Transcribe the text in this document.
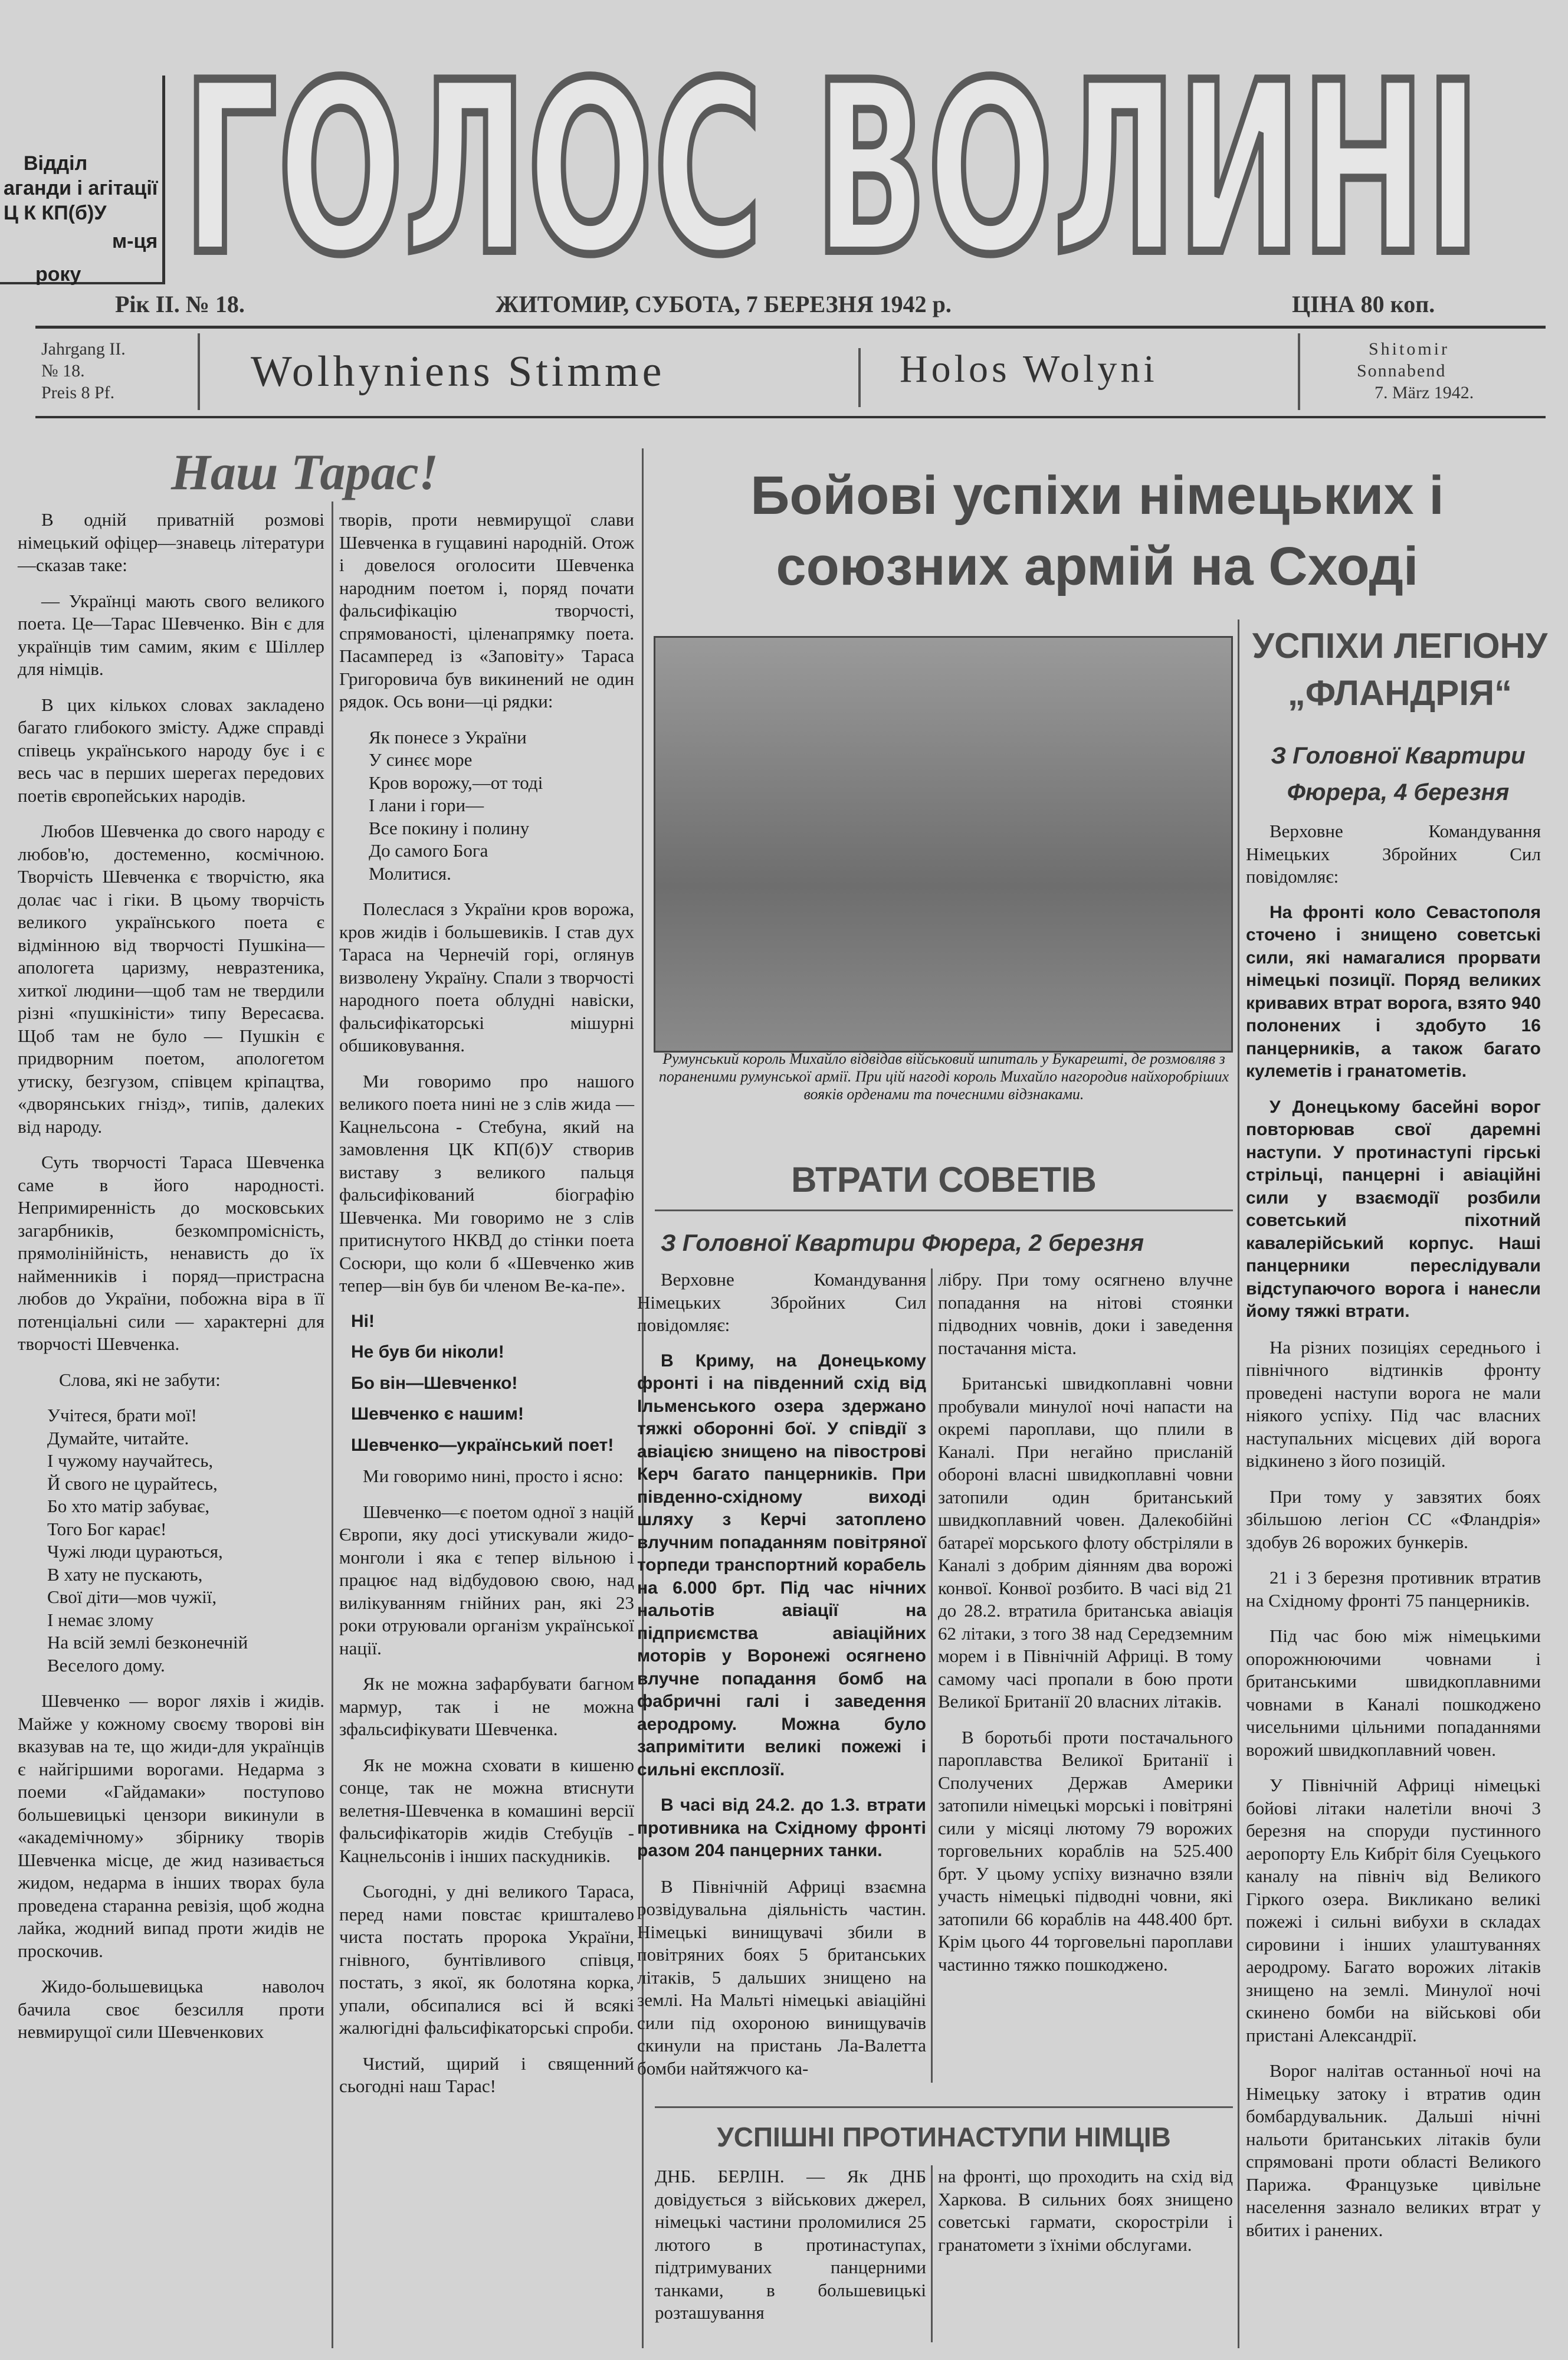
Відділ
аганди і агітації
Ц К КП(б)У
м-ця
року ГОЛОС ВОЛИНІ
Рік II. № 18.	ЖИТОМИР, СУБОТА, 7 БЕРЕЗНЯ 1942 р.	ЦІНА 80 коп.
Jahrgang II.
№ 18.
Preis 8 Pf.	Wolhyniens Stimme	Holos Wolyni	Shitomir
Sonnabend
7. März 1942.
Наш Тарас!

В одній приватній розмові німецький офіцер—знавець літератури—сказав таке:

— Українці мають свого великого поета. Це—Тарас Шевченко. Він є для українців тим самим, яким є Шіллер для німців.

В цих кількох словах закладено багато глибокого змісту. Адже справді співець українського народу бує і є весь час в перших шерегах передових поетів європейських народів.

Любов Шевченка до свого народу є любов'ю, достеменно, космічною. Творчість Шевченка є творчістю, яка долає час і гіки. В цьому творчість великого українського поета є відмінною від творчості Пушкіна—апологета царизму, невразтеника, хиткої людини—щоб там не твердили різні «пушкіністи» типу Вересаєва. Щоб там не було — Пушкін є придворним поетом, апологетом утиску, безгузом, співцем кріпацтва, «дворянських гнізд», типів, далеких від народу.

Суть творчості Тараса Шевченка саме в його народності. Непримиренність до московських загарбників, безкомпромісність, прямолінійність, ненависть до їх найменників і поряд—пристрасна любов до України, побожна віра в її потенціальні сили — характерні для творчості Шевченка.

Слова, які не забути:

Учітеся, брати мої!
Думайте, читайте.
І чужому научайтесь,
Й свого не цурайтесь,
Бо хто матір забуває,
Того Бог карає!
Чужі люди цураються,
В хату не пускають,
Свої діти—мов чужії,
І немає злому
На всій землі безконечній
Веселого дому.

Шевченко — ворог ляхів і жидів. Майже у кожному своєму творові він вказував на те, що жиди-для українців є найгіршими ворогами. Недарма з поеми «Гайдамаки» поступово большевицькі цензори викинули в «академічному» збірнику творів Шевченка місце, де жид називається жидом, недарма в інших творах була проведена старанна ревізія, щоб жодна лайка, жодний випад проти жидів не проскочив.

Жидо-большевицька наволоч бачила своє безсилля проти невмирущої сили Шевченкових

творів, проти невмирущої слави Шевченка в гущавині народній. Отож і довелося оголосити Шевченка народним поетом і, поряд почати фальсифікацію творчості, спрямованості, ціленапрямку поета. Пасамперед із «Заповіту» Тараса Григоровича був викинений не один рядок. Ось вони—ці рядки:

Як понесе з України
У синєє море
Кров ворожу,—от тоді
І лани і гори—
Все покину і полину
До самого Бога
Молитися.

Полеслася з України кров ворожа, кров жидів і большевиків. І став дух Тараса на Чернечій горі, оглянув визволену Україну. Спали з творчості народного поета облудні навіски, фальсифікаторські мішурні обшиковування.

Ми говоримо про нашого великого поета нині не з слів жида — Кацнельсона - Стебуна, який на замовлення ЦК КП(б)У створив виставу з великого пальця фальсифікований біографію Шевченка. Ми говоримо не з слів притиснутого НКВД до стінки поета Сосюри, що коли б «Шевченко жив тепер—він був би членом Ве-ка-пе».

Ні!
Не був би ніколи!
Бо він—Шевченко!
Шевченко є нашим!
Шевченко—український поет!

Ми говоримо нині, просто і ясно:

Шевченко—є поетом одної з націй Європи, яку досі утискували жидо-монголи і яка є тепер вільною і працює над відбудовою свою, над вилікуванням гнійних ран, які 23 роки отруювали організм української нації.

Як не можна зафарбувати багном мармур, так і не можна зфальсифікувати Шевченка.

Як не можна сховати в кишеню сонце, так не можна втиснути велетня-Шевченка в комашині версії фальсифікаторів жидів Стебуцїв - Кацнельсонів і інших паскудників.

Сьогодні, у дні великого Тараса, перед нами повстає кришталево чиста постать пророка України, гнівного, бунтівливого співця, постать, з якої, як болотяна корка, упали, обсипалися всі й всякі жалюгідні фальсифікаторські спроби.

Чистий, щирий і священний сьогодні наш Тарас!

Бойові успіхи німецьких і союзних армій на Сході
Румунський король Михайло відвідав військовий шпиталь у Букарешті, де розмовляв з пораненими румунської армії. При цій нагоді король Михайло нагородив найхоробріших вояків орденами та почесними відзнаками.
ВТРАТИ СОВЕТІВ
З Головної Квартири Фюрера, 2 березня

Верховне Командування Німецьких Збройних Сил повідомляє:

В Криму, на Донецькому фронті і на південний схід від Ільменського озера здержано тяжкі оборонні бої. У співдії з авіацією знищено на півострові Керч багато панцерників. При південно-східному виході шляху з Керчі затоплено влучним попаданням повітряної торпеди транспортний корабель на 6.000 брт. Під час нічних нальотів авіації на підприємства авіаційних моторів у Воронежі осягнено влучне попадання бомб на фабричні галі і заведення аеродрому. Можна було запримітити великі пожежі і сильні експлозії.

В часі від 24.2. до 1.3. втрати противника на Східному фронті разом 204 панцерних танки.

В Північній Африці взаємна розвідувальна діяльність частин. Німецькі винищувачі збили в повітряних боях 5 британських літаків, 5 дальших знищено на землі. На Мальті німецькі авіаційні сили під охороною винищувачів скинули на пристань Ла-Валетта бомби найтяжчого ка-

лібру. При тому осягнено влучне попадання на нітові стоянки підводних човнів, доки і заведення постачання міста.

Британські швидкоплавні човни пробували минулої ночі напасти на окремі пароплави, що плили в Каналі. При негайно присланій обороні власні швидкоплавні човни затопили один британський швидкоплавний човен. Далекобійні батареї морського флоту обстріляли в Каналі з добрим діянням два ворожі конвої. Конвої розбито. В часі від 21 до 28.2. втратила британська авіація 62 літаки, з того 38 над Середземним морем і в Північній Африці. В тому самому часі пропали в бою проти Великої Британії 20 власних літаків.

В боротьбі проти постачального пароплавства Великої Британії і Сполучених Держав Америки затопили німецькі морські і повітряні сили у місяці лютому 79 ворожих торговельних кораблів на 525.400 брт. У цьому успіху визначно взяли участь німецькі підводні човни, які затопили 66 кораблів на 448.400 брт. Крім цього 44 торговельні пароплави частинно тяжко пошкоджено.

УСПІШНІ ПРОТИНАСТУПИ НІМЦІВ

ДНБ. БЕРЛІН. — Як ДНБ довідується з військових джерел, німецькі частини проломилися 25 лютого в протинаступах, підтримуваних панцерними танками, в большевицькі розташування

на фронті, що проходить на схід від Харкова. В сильних боях знищено советські гармати, скоростріли і гранатомети з їхніми обслугами.

УСПІХИ ЛЕГІОНУ
„ФЛАНДРІЯ“
З Головної Квартири Фюрера, 4 березня

Верховне Командування Німецьких Збройних Сил повідомляє:

На фронті коло Севастополя сточено і знищено советські сили, які намагалися прорвати німецькі позиції. Поряд великих кривавих втрат ворога, взято 940 полонених і здобуто 16 панцерників, а також багато кулеметів і гранатометів.

У Донецькому басейні ворог повторював свої даремні наступи. У протинаступі гірські стрільці, панцерні і авіаційні сили у взаємодії розбили советський піхотний кавалерійський корпус. Наші панцерники переслідували відступаючого ворога і нанесли йому тяжкі втрати.

На різних позиціях середнього і північного відтинків фронту проведені наступи ворога не мали ніякого успіху. Під час власних наступальних місцевих дій ворога відкинено з його позицій.

При тому у завзятих боях збільшою легіон СС «Фландрія» здобув 26 ворожих бункерів.

21 і 3 березня противник втратив на Східному фронті 75 панцерників.

Під час бою між німецькими опорожнюючими човнами і британськими швидкоплавними човнами в Каналі пошкоджено чисельними цільними попаданнями ворожий швидкоплавний човен.

У Північній Африці німецькі бойові літаки налетіли вночі 3 березня на споруди пустинного аеропорту Ель Кибріт біля Суецького каналу на північ від Великого Гіркого озера. Викликано великі пожежі і сильні вибухи в складах сировини і інших улаштуваннях аеродрому. Багато ворожих літаків знищено на землі. Минулої ночі скинено бомби на військові оби пристані Александрії.

Ворог налітав останньої ночі на Німецьку затоку і втратив один бомбардувальник. Дальші нічні нальоти британських літаків були спрямовані проти області Великого Парижа. Французьке цивільне населення зазнало великих втрат у вбитих і ранених.
